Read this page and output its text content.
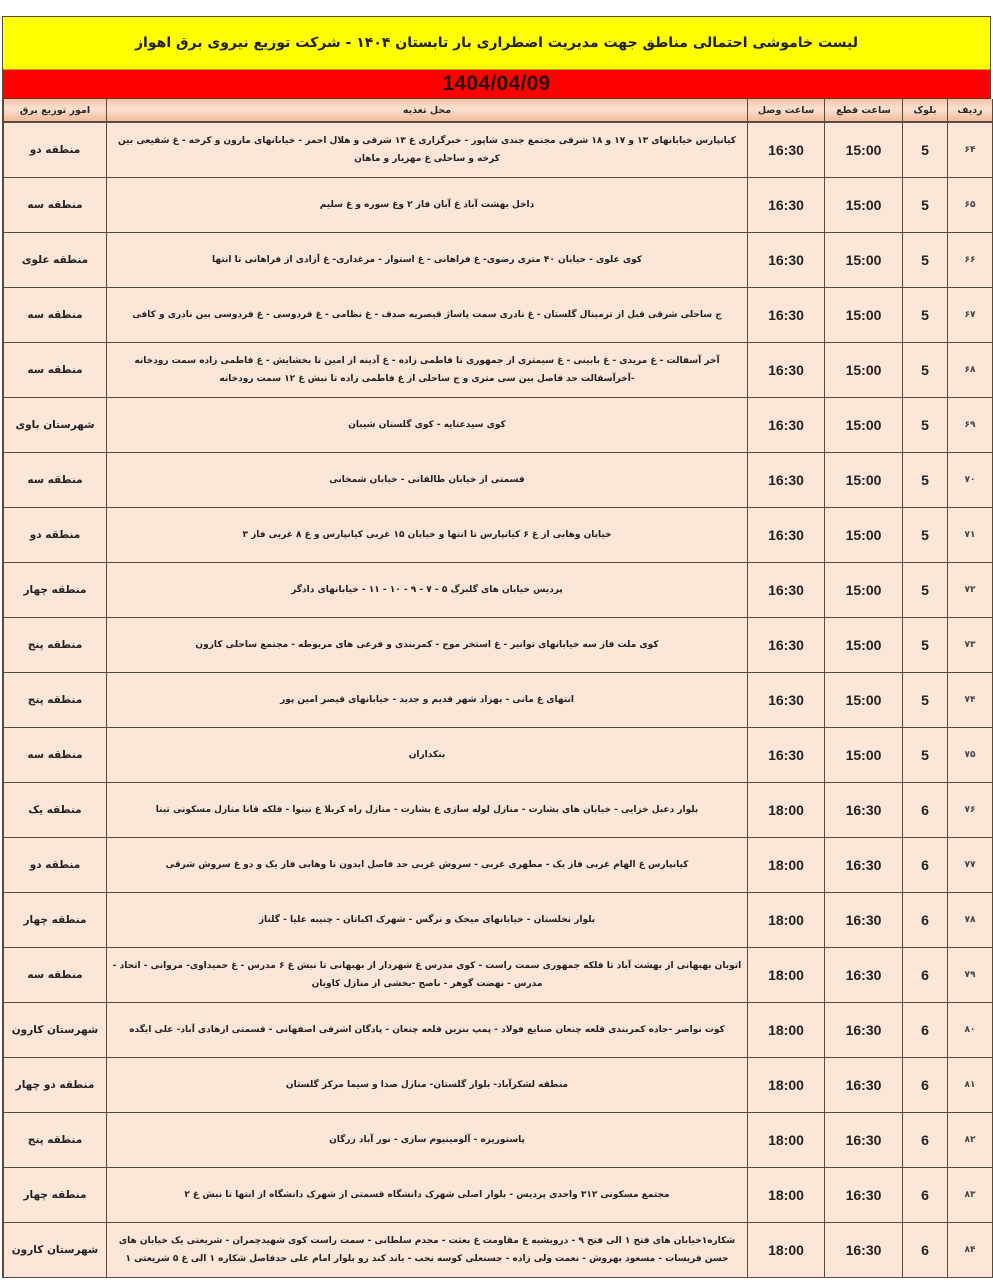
لیست خاموشی احتمالی مناطق جهت مدیریت اضطراری بار تابستان ۱۴۰۴ - شرکت توزیع نیروی برق اهواز
1404/04/09
ردیف	بلوک	ساعت قطع	ساعت وصل	محل تغذیه	امور توزیع برق
۶۴	5	15:00	16:30	کیانپارس خیابانهای ۱۳ و ۱۷ و ۱۸ شرقی مجتمع جندی شاپور - خبرگزاری غ ۱۳ شرقی و هلال احمر - خیابانهای مارون و کرخه - غ شفیعی بین کرخه و ساحلی غ مهزیار و ماهان	منطقه دو
۶۵	5	15:00	16:30	داخل بهشت آباد غ آبان فاز ۲ وغ سوره و غ سلیم	منطقه سه
۶۶	5	15:00	16:30	کوی علوی - خیابان ۴۰ متری رضوی- غ فراهانی - غ استوار - مرغداری- غ آزادی از فراهانی تا انتها	منطقه علوی
۶۷	5	15:00	16:30	ج ساحلی شرقی قبل از ترمینال گلستان - غ نادری سمت پاساژ قیصریه صدف - غ نظامی - غ فردوسی - غ فردوسی بین نادری و کافی	منطقه سه
۶۸	5	15:00	16:30	آخر آسفالت - غ مریدی - غ بابینی - غ سیمتری از جمهوری تا فاطمی زاده - غ آدینه از امین تا بخشایش - غ فاطمی زاده سمت رودخانه -آخرآسفالت حد فاصل بین سی متری و ج ساحلی از غ فاطمی زاده تا نبش غ ۱۲ سمت رودخانه	منطقه سه
۶۹	5	15:00	16:30	کوی سیدعتایه - کوی گلستان شیبان	شهرستان باوی
۷۰	5	15:00	16:30	قسمتی از خیابان طالقانی - خیابان شمخانی	منطقه سه
۷۱	5	15:00	16:30	خیابان وهابی از غ ۶ کیانپارس تا انتها و خیابان ۱۵ غربی کیانپارس و غ ۸ غربی فاز ۳	منطقه دو
۷۲	5	15:00	16:30	پردیس خیابان های گلبرگ ۵ - ۷ - ۹ - ۱۰ - ۱۱ - خیابانهای دادگر	منطقه چهار
۷۳	5	15:00	16:30	کوی ملت فاز سه خیابانهای توانیر - غ استخر موج - کمربندی و فرعی های مربوطه - مجتمع ساحلی کارون	منطقه پنج
۷۴	5	15:00	16:30	انتهای غ مانی - بهزاد شهر قدیم و جدید - خیابانهای قیصر امین پور	منطقه پنج
۷۵	5	15:00	16:30	بنکداران	منطقه سه
۷۶	6	16:30	18:00	بلوار دعبل خزایی - خیابان های بشارت - منازل لوله سازی غ بشارت - منازل راه کربلا غ نینوا - فلکه قانا منازل مسکونی تینا	منطقه یک
۷۷	6	16:30	18:00	کیانپارس غ الهام غربی فاز یک - مطهری غربی - سروش غربی حد فاصل ایدون تا وهابی فاز یک و دو غ سروش شرقی	منطقه دو
۷۸	6	16:30	18:00	بلوار نخلستان - خیابانهای میخک و نرگس - شهرک اکباتان - چنیبه علیا - گلناز	منطقه چهار
۷۹	6	16:30	18:00	اتوبان بهبهانی از بهشت آباد تا فلکه جمهوری سمت راست - کوی مدرس غ شهردار از بهبهانی تا نبش غ ۶ مدرس - غ حمیداوی- مروانی - اتحاد - مدرس - نهضت گوهر - ناصح -بخشی از منازل کاویان	منطقه سه
۸۰	6	16:30	18:00	کوت نواصر -جاده کمربندی قلعه چنعان صنایع فولاد - پمپ بنزین قلعه چنعان - پادگان اشرفی اصفهانی - قسمتی ازهادی آباد- علی ایگده	شهرستان کارون
۸۱	6	16:30	18:00	منطقه لشکرآباد- بلوار گلستان- منازل صدا و سیما مرکز گلستان	منطقه دو چهار
۸۲	6	16:30	18:00	پاستوریزه - آلومینیوم سازی - نور آباد زرگان	منطقه پنج
۸۳	6	16:30	18:00	مجتمع مسکونی ۳۱۲ واحدی پردیس - بلوار اصلی شهرک دانشگاه قسمتی از شهرک دانشگاه از انتها تا نبش غ ۲	منطقه چهار
۸۴	6	16:30	18:00	شکاره۱خیابان های فتح ۱ الی فتح ۹ - درویشیه غ مقاومت غ بعثت - مجدم سلطانی - سمت راست کوی شهیدچمران - شریعتی یک خیابان های حسن فریسات - مسعود بهروش - نعمت ولی زاده - حسنعلی کوسه نحب - باند کند رو بلوار امام علی حدفاصل شکاره ۱ الی غ ۵ شریعتی ۱	شهرستان کارون
